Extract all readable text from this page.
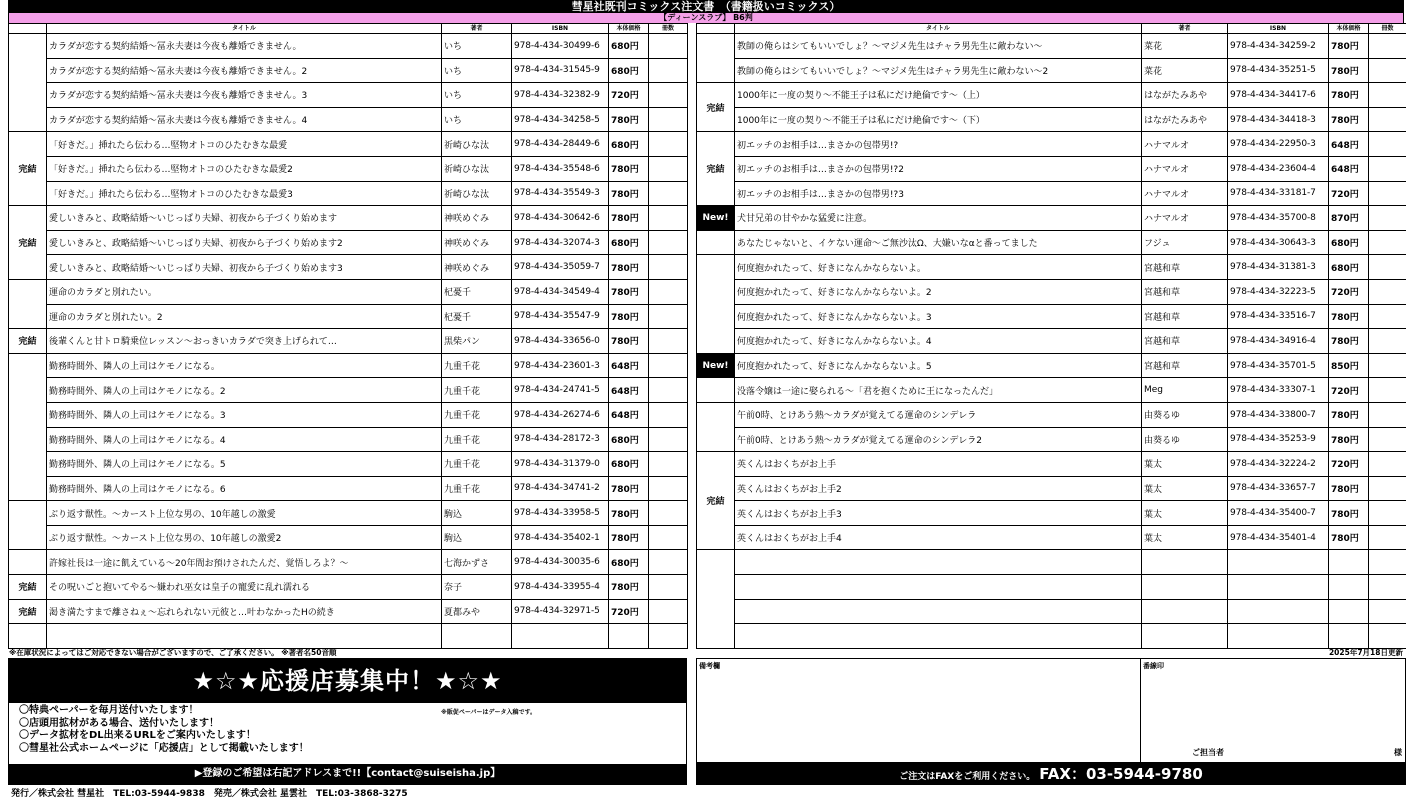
彗星社既刊コミックス注文書　（書籍扱いコミックス）
【ディーンスラブ】 B6判
	タイトル	著者	ISBN	本体価格	冊数
	カラダが恋する契約結婚～冨永夫妻は今夜も離婚できません。	いち	978-4-434-30499-6	680円	
	カラダが恋する契約結婚～冨永夫妻は今夜も離婚できません。2	いち	978-4-434-31545-9	680円	
	カラダが恋する契約結婚～冨永夫妻は今夜も離婚できません。3	いち	978-4-434-32382-9	720円	
	カラダが恋する契約結婚～冨永夫妻は今夜も離婚できません。4	いち	978-4-434-34258-5	780円	
完結	「好きだ。」挿れたら伝わる…堅物オトコのひたむきな最愛	祈崎ひな汰	978-4-434-28449-6	680円	
	「好きだ。」挿れたら伝わる…堅物オトコのひたむきな最愛2	祈崎ひな汰	978-4-434-35548-6	780円	
	「好きだ。」挿れたら伝わる…堅物オトコのひたむきな最愛3	祈崎ひな汰	978-4-434-35549-3	780円	
完結	愛しいきみと、政略結婚～いじっぱり夫婦、初夜から子づくり始めます	神咲めぐみ	978-4-434-30642-6	780円	
	愛しいきみと、政略結婚～いじっぱり夫婦、初夜から子づくり始めます2	神咲めぐみ	978-4-434-32074-3	680円	
	愛しいきみと、政略結婚～いじっぱり夫婦、初夜から子づくり始めます3	神咲めぐみ	978-4-434-35059-7	780円	
	運命のカラダと別れたい。	杞憂千	978-4-434-34549-4	780円	
	運命のカラダと別れたい。2	杞憂千	978-4-434-35547-9	780円	
完結	後輩くんと甘トロ騎乗位レッスン～おっきいカラダで突き上げられて…	黒柴パン	978-4-434-33656-0	780円	
	勤務時間外、隣人の上司はケモノになる。	九重千花	978-4-434-23601-3	648円	
	勤務時間外、隣人の上司はケモノになる。2	九重千花	978-4-434-24741-5	648円	
	勤務時間外、隣人の上司はケモノになる。3	九重千花	978-4-434-26274-6	648円	
	勤務時間外、隣人の上司はケモノになる。4	九重千花	978-4-434-28172-3	680円	
	勤務時間外、隣人の上司はケモノになる。5	九重千花	978-4-434-31379-0	680円	
	勤務時間外、隣人の上司はケモノになる。6	九重千花	978-4-434-34741-2	780円	
	ぶり返す獣性。～カースト上位な男の、10年越しの激愛	駒込	978-4-434-33958-5	780円	
	ぶり返す獣性。～カースト上位な男の、10年越しの激愛2	駒込	978-4-434-35402-1	780円	
	許嫁社長は一途に飢えている～20年間お預けされたんだ、覚悟しろよ？～	七海かずさ	978-4-434-30035-6	680円	
完結	その呪いごと抱いてやる～嫌われ巫女は皇子の寵愛に乱れ濡れる	奈子	978-4-434-33955-4	780円	
完結	渇き満たすまで離さねぇ～忘れられない元彼と…叶わなかったHの続き	夏都みや	978-4-434-32971-5	720円	

	タイトル	著者	ISBN	本体価格	冊数
	教師の俺らはシてもいいでしょ？～マジメ先生はチャラ男先生に敵わない～	菜花	978-4-434-34259-2	780円	
	教師の俺らはシてもいいでしょ？～マジメ先生はチャラ男先生に敵わない～2	菜花	978-4-434-35251-5	780円	
完結	1000年に一度の契り～不能王子は私にだけ絶倫です～（上）	はながたみあや	978-4-434-34417-6	780円	
	1000年に一度の契り～不能王子は私にだけ絶倫です～（下）	はながたみあや	978-4-434-34418-3	780円	
完結	初エッチのお相手は…まさかの包帯男!?	ハナマルオ	978-4-434-22950-3	648円	
	初エッチのお相手は…まさかの包帯男!?2	ハナマルオ	978-4-434-23604-4	648円	
	初エッチのお相手は…まさかの包帯男!?3	ハナマルオ	978-4-434-33181-7	720円	
New!	犬甘兄弟の甘やかな猛愛に注意。	ハナマルオ	978-4-434-35700-8	870円	
	あなたじゃないと、イケない運命～ご無沙汰Ω、大嫌いなαと番ってました	フジュ	978-4-434-30643-3	680円	
	何度抱かれたって、好きになんかならないよ。	宮越和草	978-4-434-31381-3	680円	
	何度抱かれたって、好きになんかならないよ。2	宮越和草	978-4-434-32223-5	720円	
	何度抱かれたって、好きになんかならないよ。3	宮越和草	978-4-434-33516-7	780円	
	何度抱かれたって、好きになんかならないよ。4	宮越和草	978-4-434-34916-4	780円	
New!	何度抱かれたって、好きになんかならないよ。5	宮越和草	978-4-434-35701-5	850円	
	没落令嬢は一途に娶られる～「君を抱くために王になったんだ」	Meg	978-4-434-33307-1	720円	
	午前0時、とけあう熱～カラダが覚えてる運命のシンデレラ	由葵るゆ	978-4-434-33800-7	780円	
	午前0時、とけあう熱～カラダが覚えてる運命のシンデレラ2	由葵るゆ	978-4-434-35253-9	780円	
完結	英くんはおくちがお上手	葉太	978-4-434-32224-2	720円	
	英くんはおくちがお上手2	葉太	978-4-434-33657-7	780円	
	英くんはおくちがお上手3	葉太	978-4-434-35400-7	780円	
	英くんはおくちがお上手4	葉太	978-4-434-35401-4	780円	

※在庫状況によってはご対応できない場合がございますので、ご了承ください。 ※著者名50音順	2025年7月18日更新
★☆★応援店募集中！★☆★
〇特典ペーパーを毎月送付いたします！
〇店頭用拡材がある場合、送付いたします！
〇データ拡材をDL出来るURLをご案内いたします！
〇彗星社公式ホームページに「応援店」として掲載いたします！
※販促ペーパーはデータ入稿です。
▶登録のご希望は右記アドレスまで!!【contact@suiseisha.jp】
備考欄	番線印
ご担当者	様
ご注文はFAXをご利用ください。 FAX：03-5944-9780
発行／株式会社 彗星社　TEL:03-5944-9838　発売／株式会社 星雲社　TEL:03-3868-3275
